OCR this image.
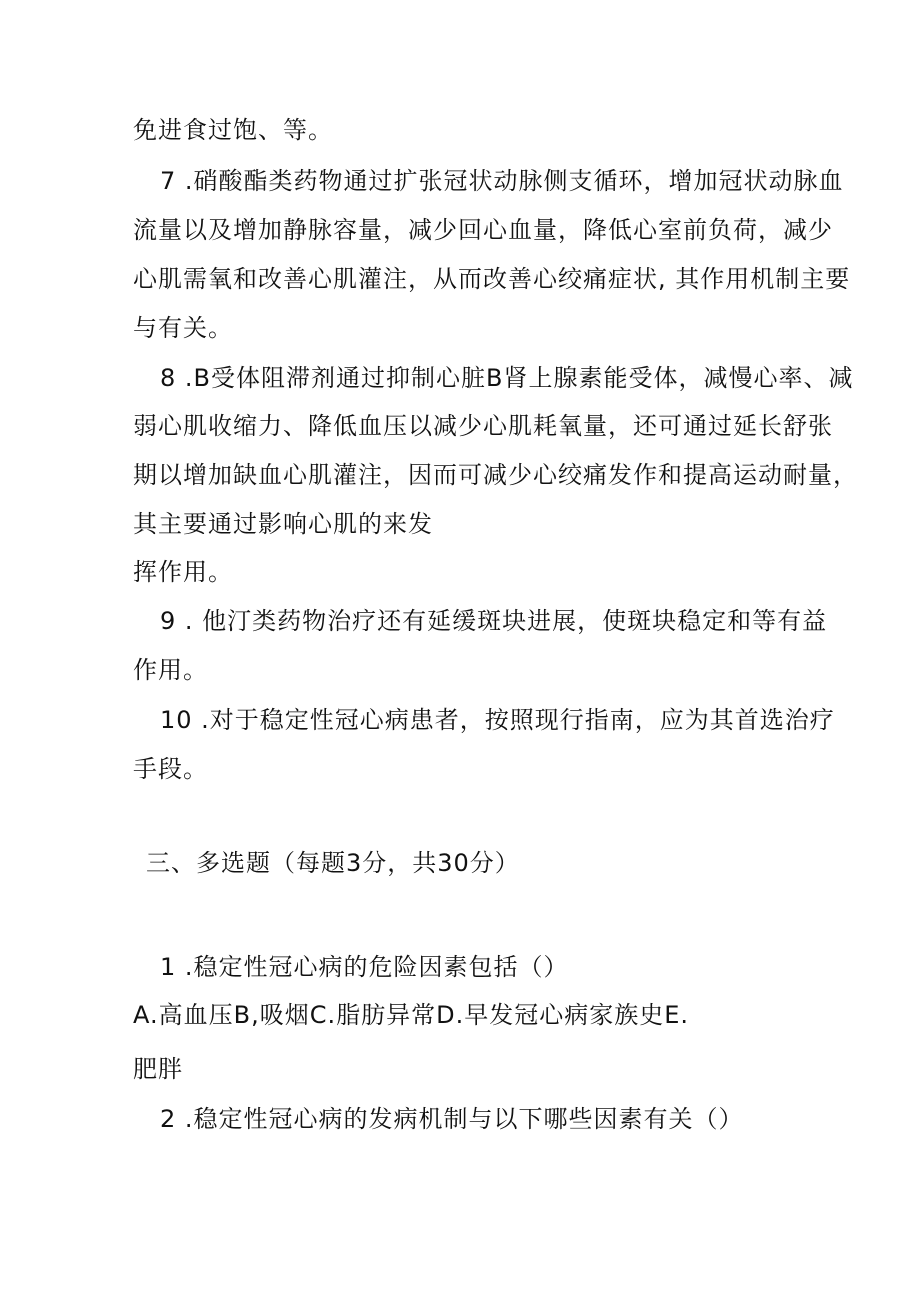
免进食过饱、等。
7 .硝酸酯类药物通过扩张冠状动脉侧支循环，增加冠状动脉血
流量以及增加静脉容量，减少回心血量，降低心室前负荷，减少
心肌需氧和改善心肌灌注，从而改善心绞痛症状, 其作用机制主要
与有关。
8 .B受体阻滞剂通过抑制心脏B肾上腺素能受体，减慢心率、减
弱心肌收缩力、降低血压以减少心肌耗氧量，还可通过延长舒张
期以增加缺血心肌灌注，因而可减少心绞痛发作和提高运动耐量，
其主要通过影响心肌的来发
挥作用。
9 . 他汀类药物治疗还有延缓斑块进展，使斑块稳定和等有益
作用。
10 .对于稳定性冠心病患者，按照现行指南，应为其首选治疗
手段。
三、多选题（每题3分，共30分）
1 .稳定性冠心病的危险因素包括（）
A.高血压B,吸烟C.脂肪异常D.早发冠心病家族史E.
肥胖
2 .稳定性冠心病的发病机制与以下哪些因素有关（）
